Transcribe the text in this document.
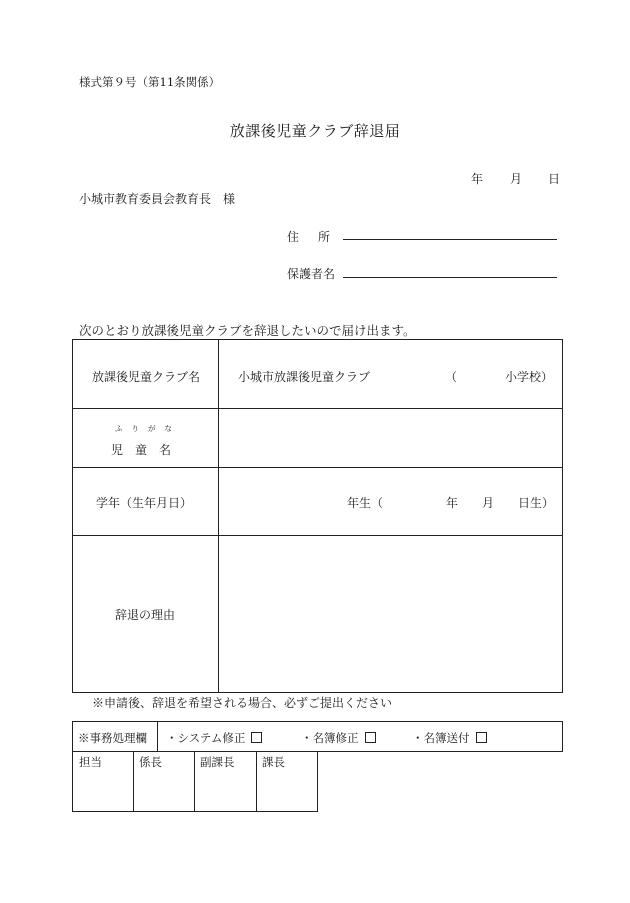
様式第９号（第11条関係）
放課後児童クラブ辞退届
年 月 日
小城市教育委員会教育長　様
住 所
保護者名
次のとおり放課後児童クラブを辞退したいので届け出ます。
放課後児童クラブ名	小城市放課後児童クラブ	（	小学校）
ふりがな
児　童　名
学年（生年月日）	年生（	年 月 日生）
辞退の理由
※申請後、辞退を希望される場合、必ずご提出ください
※事務処理欄 ・システム修正	・名簿修正	・名簿送付
担当	係長	副課長 課長
